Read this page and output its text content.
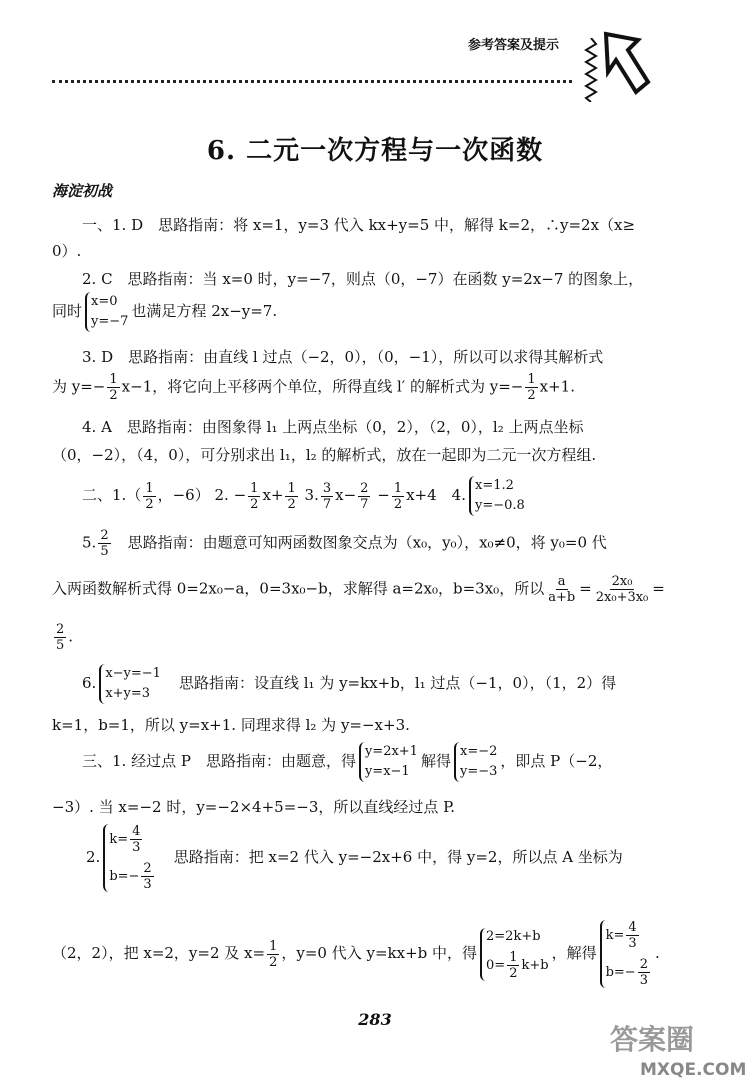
参考答案及提示
6. 二元一次方程与一次函数
海淀初战
一、1. D　思路指南：将 x=1，y=3 代入 kx+y=5 中，解得 k=2，∴y=2x（x≥
0）.
2. C　思路指南：当 x=0 时，y=−7，则点（0，−7）在函数 y=2x−7 的图象上，
同时
x=0
y=−7
也满足方程 2x−y=7.
3. D　思路指南：由直线 l 过点（−2，0），（0，−1），所以可以求得其解析式
为 $y=- \frac{1}{2} x-1$，将它向上平移两个单位，所得直线 l′ 的解析式为 $y=- \frac{1}{2} x+1$.
4. A　思路指南：由图象得 l₁ 上两点坐标（0，2），（2，0），l₂ 上两点坐标
（0，−2），（4，0），可分别求出 l₁，l₂ 的解析式，放在一起即为二元一次方程组.
二、$1.( \frac{1}{2}$ ，−6） 2. − $\frac{1}{2} x+ \frac{1}{2} 3$. $\frac{3}{7} x- \frac{2}{7} - \frac{1}{2} x+4$　4.
x=1.2
y=−0.8
5. $\frac{2}{5}$
　 思路指南：由题意可知两函数图象交点为（x₀，y₀），x₀≠0，将 y₀=0 代
入两函数解析式得 0=2x₀−a，0=3x₀−b，求解得 a=2x₀，b=3x₀，所以 $\frac{a}{a+b} = \frac{\text{2x₀}}{\text{2x₀+3x₀}}$ =
$\frac{2}{5}$ .
6.
x−y=−1
x+y=3
　思路指南：设直线 l₁ 为 y=kx+b，l₁ 过点（−1，0），（1，2）得
k=1，b=1，所以 y=x+1. 同理求得 l₂ 为 y=−x+3.
三、1. 经过点 P　思路指南：由题意，得
y=2x+1
y=x−1
解得
x=−2
y=−3
，即点 P（−2，
−3）. 当 x=−2 时，y=−2×4+5=−3，所以直线经过点 P.
2.
$k= \frac{4}{3}$
$b=- \frac{2}{3}$
　思路指南：把 x=2 代入 y=−2x+6 中，得 y=2，所以点 A 坐标为
（2，2），把 x=2，y=2 及 $x= \frac{1}{2}$ ，y=0 代入 y=kx+b 中，得
2=2k+b
$0= \frac{1}{2} k+b$
，解得
$k= \frac{4}{3}$
$b=- \frac{2}{3}$
.
283
答案圈
MXQE.COM
